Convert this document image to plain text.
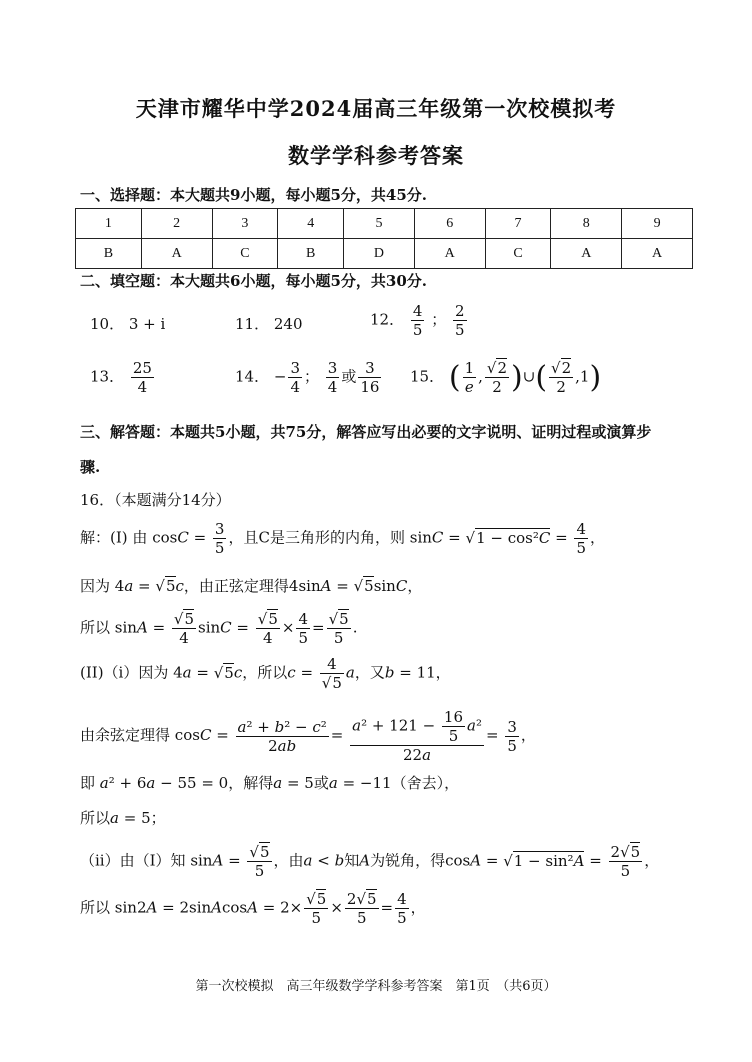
天津市耀华中学2024届高三年级第一次校模拟考
数学学科参考答案
一、选择题：本大题共9小题，每小题5分，共45分.
1	2	3	4	5	6	7	8	9
B	A	C	B	D	A	C	A	A
二、填空题：本大题共6小题，每小题5分，共30分.
10． 3 + i	11． 240	12． $\frac{4}{5}$ ； $\frac{2}{5}$
13． $\frac{25}{4}$	14． − $\frac{3}{4}$ ； $\frac{3}{4}$ 或 $\frac{3}{16} 15$． ( $\frac{1}{e}$ , √ $\frac{2}{2}$ )∪( √ $\frac{2}{2} ,1$)
三、解答题：本题共5小题，共75分，解答应写出必要的文字说明、证明过程或演算步
骤.
16．（本题满分14分）
解：(I) 由 $\cos C = \frac{3}{5}$ ，且C是三角形的内角，则 sinC = √ $1 - \cos^2C = \frac{4}{5}$ ，
因为 4a = √ 5c，由正弦定理得4sinA = √ 5sinC，
所以 sinA = √ $\frac{5}{4}$ sinC = √ $\frac{5}{4} \times \frac{4}{5}$ = √ $\frac{5}{5}$ .
(II)（i）因为 4a = √ 5c，所以c = 4
√ 5 a，又b = 11，
由余弦定理得 $\cos C = \frac{\text{a² + b² − c²}}{2ab} = \frac{a^2 + 121 - \frac{16}{5} a^2}{22a} = \frac{3}{5}$ ，
即 a² + 6a − 55 = 0，解得a = 5或a = −11（舍去），
所以a = 5；
（ii）由（I）知 sinA = √ $\frac{5}{5}$ ，由a < b知A为锐角，得cosA = √ $1 - \sin^2A = \frac{2 √ 5}{5}$ ，
所以 sin2A = 2sinAcosA = 2× √ $\frac{5}{5} \times \frac{2 √ 5}{5} = \frac{4}{5}$ ，
第一次校模拟　高三年级数学学科参考答案　第1页　（共6页）
